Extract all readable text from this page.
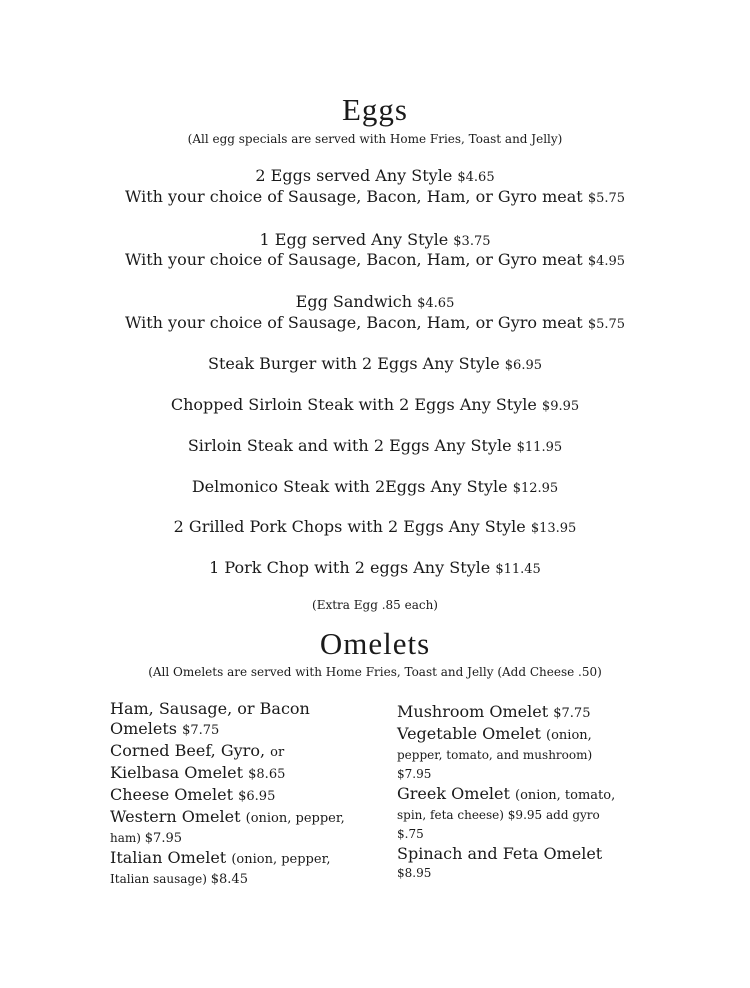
Eggs
(All egg specials are served with Home Fries, Toast and Jelly)
2 Eggs served Any Style $4.65
With your choice of Sausage, Bacon, Ham, or Gyro meat $5.75
1 Egg served Any Style $3.75
With your choice of Sausage, Bacon, Ham, or Gyro meat $4.95
Egg Sandwich $4.65
With your choice of Sausage, Bacon, Ham, or Gyro meat $5.75
Steak Burger with 2 Eggs Any Style $6.95
Chopped Sirloin Steak with 2 Eggs Any Style $9.95
Sirloin Steak and with 2 Eggs Any Style $11.95
Delmonico Steak with 2Eggs Any Style $12.95
2 Grilled Pork Chops with 2 Eggs Any Style $13.95
1 Pork Chop with 2 eggs Any Style $11.45
(Extra Egg .85 each)
Omelets
(All Omelets are served with Home Fries, Toast and Jelly (Add Cheese .50)
Ham, Sausage, or Bacon
Omelets $7.75
Corned Beef, Gyro, or
Kielbasa Omelet $8.65
Cheese Omelet $6.95
Western Omelet (onion, pepper,
ham) $7.95
Italian Omelet (onion, pepper,
Italian sausage) $8.45
Mushroom Omelet $7.75
Vegetable Omelet (onion,
pepper, tomato, and mushroom)
$7.95
Greek Omelet (onion, tomato,
spin, feta cheese) $9.95 add gyro
$.75
Spinach and Feta Omelet
$8.95
